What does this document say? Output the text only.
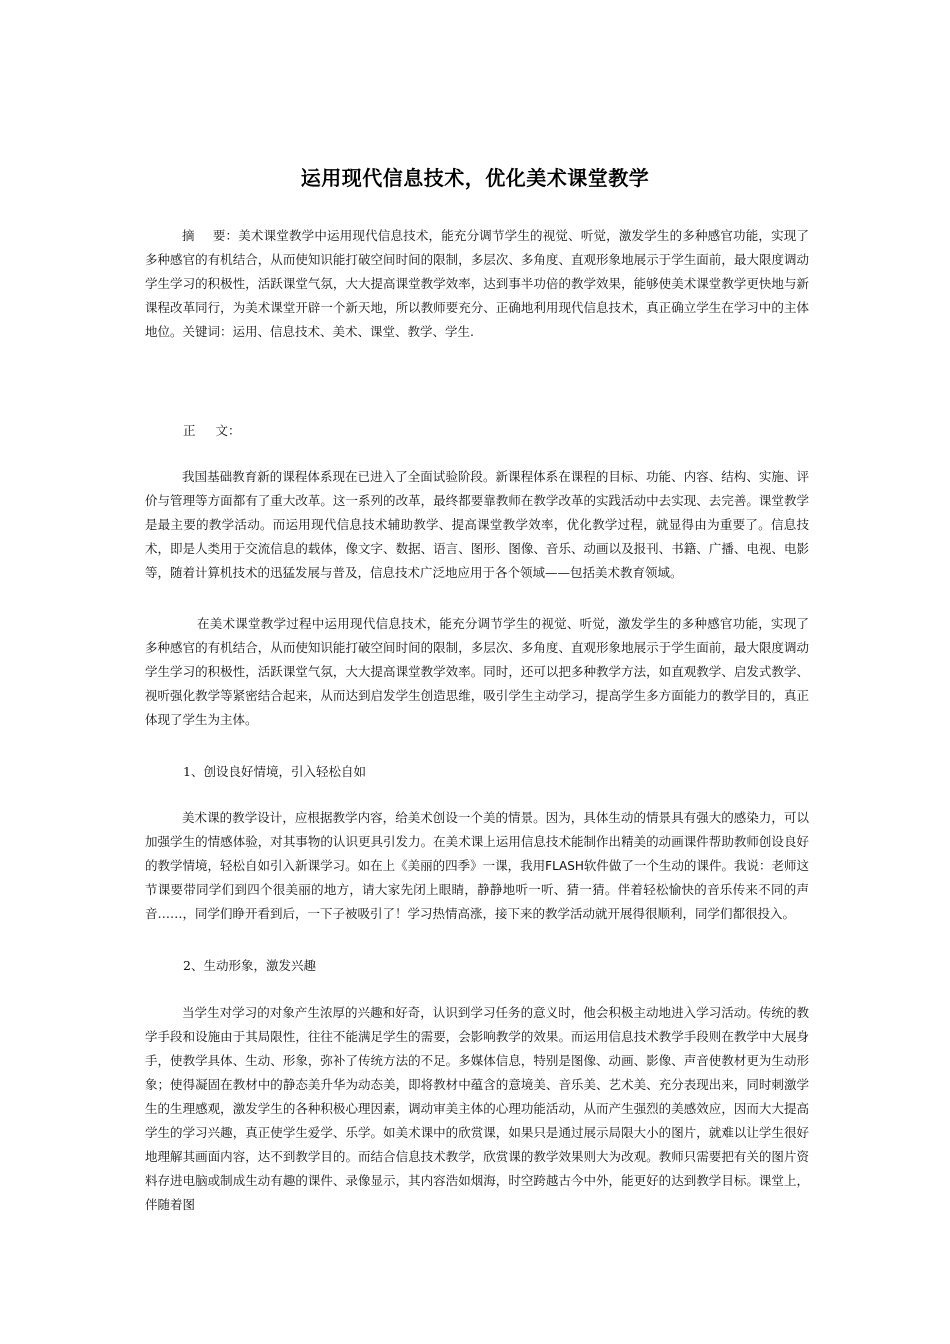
运用现代信息技术，优化美术课堂教学
摘 要：美术课堂教学中运用现代信息技术，能充分调节学生的视觉、听觉，激发学生的多种感官功能，实现了多种感官的有机结合，从而使知识能打破空间时间的限制，多层次、多角度、直观形象地展示于学生面前，最大限度调动学生学习的积极性，活跃课堂气氛，大大提高课堂教学效率，达到事半功倍的教学效果，能够使美术课堂教学更快地与新课程改革同行，为美术课堂开辟一个新天地，所以教师要充分、正确地利用现代信息技术，真正确立学生在学习中的主体地位。关键词：运用、信息技术、美术、课堂、教学、学生.
正 文：
我国基础教育新的课程体系现在已进入了全面试验阶段。新课程体系在课程的目标、功能、内容、结构、实施、评价与管理等方面都有了重大改革。这一系列的改革，最终都要靠教师在教学改革的实践活动中去实现、去完善。课堂教学是最主要的教学活动。而运用现代信息技术辅助教学、提高课堂教学效率，优化教学过程，就显得由为重要了。信息技术，即是人类用于交流信息的载体，像文字、数据、语言、图形、图像、音乐、动画以及报刊、书籍、广播、电视、电影等，随着计算机技术的迅猛发展与普及，信息技术广泛地应用于各个领域——包括美术教育领域。
在美术课堂教学过程中运用现代信息技术，能充分调节学生的视觉、听觉，激发学生的多种感官功能，实现了多种感官的有机结合，从而使知识能打破空间时间的限制，多层次、多角度、直观形象地展示于学生面前，最大限度调动学生学习的积极性，活跃课堂气氛，大大提高课堂教学效率。同时，还可以把多种教学方法，如直观教学、启发式教学、视听强化教学等紧密结合起来，从而达到启发学生创造思维，吸引学生主动学习，提高学生多方面能力的教学目的，真正体现了学生为主体。
1、创设良好情境，引入轻松自如
美术课的教学设计，应根据教学内容，给美术创设一个美的情景。因为，具体生动的情景具有强大的感染力，可以加强学生的情感体验，对其事物的认识更具引发力。在美术课上运用信息技术能制作出精美的动画课件帮助教师创设良好的教学情境，轻松自如引入新课学习。如在上《美丽的四季》一课，我用FLASH软件做了一个生动的课件。我说：老师这节课要带同学们到四个很美丽的地方，请大家先闭上眼睛，静静地听一听、猜一猜。伴着轻松愉快的音乐传来不同的声音……，同学们睁开看到后，一下子被吸引了！学习热情高涨，接下来的教学活动就开展得很顺利，同学们都很投入。
2、生动形象，激发兴趣
当学生对学习的对象产生浓厚的兴趣和好奇，认识到学习任务的意义时，他会积极主动地进入学习活动。传统的教学手段和设施由于其局限性，往往不能满足学生的需要，会影响教学的效果。而运用信息技术教学手段则在教学中大展身手，使教学具体、生动、形象，弥补了传统方法的不足。多媒体信息，特别是图像、动画、影像、声音使教材更为生动形象；使得凝固在教材中的静态美升华为动态美，即将教材中蕴含的意境美、音乐美、艺术美、充分表现出来，同时刺激学生的生理感观，激发学生的各种积极心理因素，调动审美主体的心理功能活动，从而产生强烈的美感效应，因而大大提高学生的学习兴趣，真正使学生爱学、乐学。如美术课中的欣赏课，如果只是通过展示局限大小的图片，就难以让学生很好地理解其画面内容，达不到教学目的。而结合信息技术教学，欣赏课的教学效果则大为改观。教师只需要把有关的图片资料存进电脑或制成生动有趣的课件、录像显示，其内容浩如烟海，时空跨越古今中外，能更好的达到教学目标。课堂上，伴随着图
